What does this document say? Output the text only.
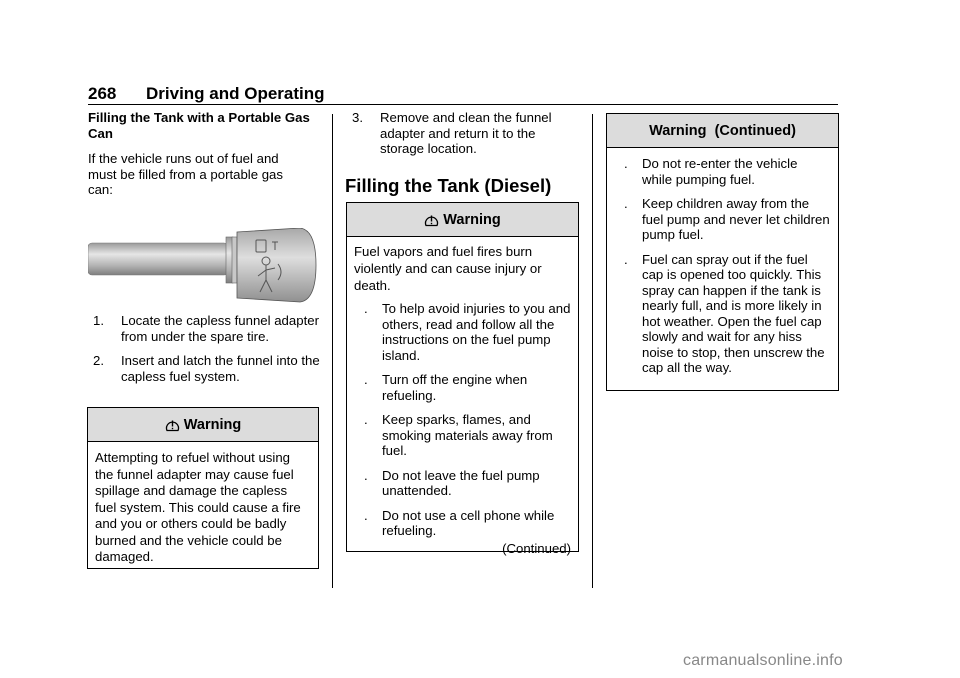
268 Driving and Operating

Filling the Tank with a Portable Gas Can

If the vehicle runs out of fuel and must be filled from a portable gas can:

1. Locate the capless funnel adapter from under the spare tire.
2. Insert and latch the funnel into the capless fuel system.
Warning
Attempting to refuel without using the funnel adapter may cause fuel spillage and damage the capless fuel system. This could cause a fire and you or others could be badly burned and the vehicle could be damaged.
3. Remove and clean the funnel adapter and return it to the storage location.
Filling the Tank (Diesel)
Warning

Fuel vapors and fuel fires burn violently and can cause injury or death.

. To help avoid injuries to you and others, read and follow all the instructions on the fuel pump island.
. Turn off the engine when refueling.
. Keep sparks, flames, and smoking materials away from fuel.
. Do not leave the fuel pump unattended.
. Do not use a cell phone while refueling.

(Continued)

Warning  (Continued)
. Do not re-enter the vehicle while pumping fuel.
. Keep children away from the fuel pump and never let children pump fuel.
. Fuel can spray out if the fuel cap is opened too quickly. This spray can happen if the tank is nearly full, and is more likely in hot weather. Open the fuel cap slowly and wait for any hiss noise to stop, then unscrew the cap all the way.
carmanualsonline.info
